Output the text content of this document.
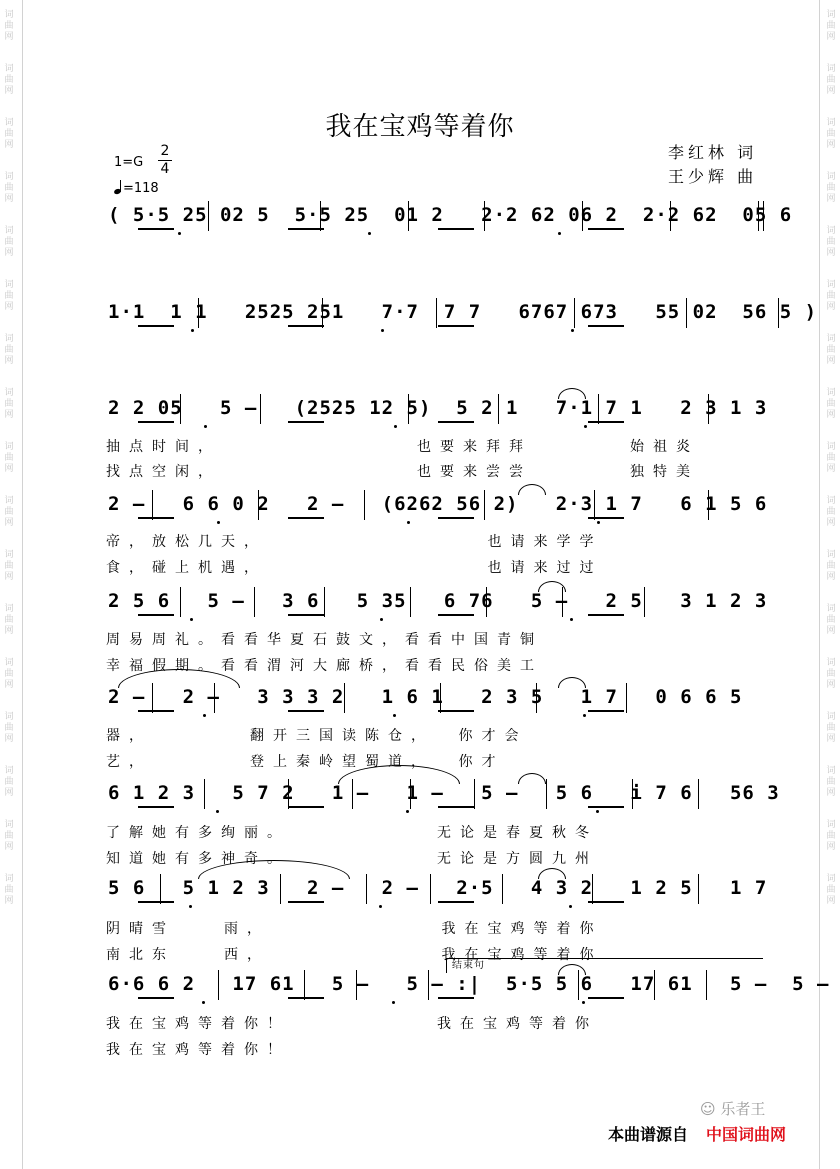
词
曲
网
词
曲
网
词
曲
网
词
曲
网
词
曲
网
词
曲
网
词
曲
网
词
曲
网
词
曲
网
词
曲
网
词
曲
网
词
曲
网
词
曲
网
词
曲
网
词
曲
网
词
曲
网
词
曲
网
词
曲
网
词
曲
网
词
曲
网
词
曲
网
词
曲
网
词
曲
网
词
曲
网
词
曲
网
词
曲
网
词
曲
网
词
曲
网
词
曲
网
词
曲
网
词
曲
网
词
曲
网
词
曲
网
词
曲
网
我在宝鸡等着你
李红林 词
王少辉 曲
1=G
2
4
=118
( 5·5 25 02 5  5·5 25  01 2   2·2 62 06 2  2·2 62  05 6
1·1  1 1   2525 251   7·7  7 7   6767 673   55 02  56 5 )
2 2 05   5 –   (2525 12 5)  5 2 1   7·1 7 1   2 3 1 3
2 –   6 6 0 2   2 –   (6262 56 2)   2·3 1 7   6 1 5 6
2 5 6   5 –   3 6   5 35   6 76   5 –   2 5   3 1 2 3
2 –   2 –   3 3 3 2   1 6 1   2 3 5   1 7   0 6 6 5
6 1 2 3   5 7 2   1 –   1 –   5 –   5 6   i 7 6   56 3
5 6   5 1 2 3   2 –   2 –   2·5   4 3 2   1 2 5   1 7
6·6 6 2   17 61   5 –   5 – :|  5·5 5 6   17 61   5 –  5 –
结束句
☺ 乐者王
本曲谱源自 中国词曲网
抽点时间，	也要来拜拜	始祖炎
找点空闲，	也要来尝尝	独特美
帝，放松几天，	也请来学学
食，碰上机遇，	也请来过过
周易周礼。看看华夏石鼓文，看看中国青铜
幸福假期。看看渭河大廊桥，看看民俗美工
器，	翻开三国读陈仓， 你才会
艺，	登上秦岭望蜀道， 你才
了解她有多绚丽。	无论是春夏秋冬
知道她有多神奇。	无论是方圆九州
阴晴雪	雨，	我在宝鸡等着你
南北东	西，	我在宝鸡等着你
我在宝鸡等着你！	我在宝鸡等着你
我在宝鸡等着你！
